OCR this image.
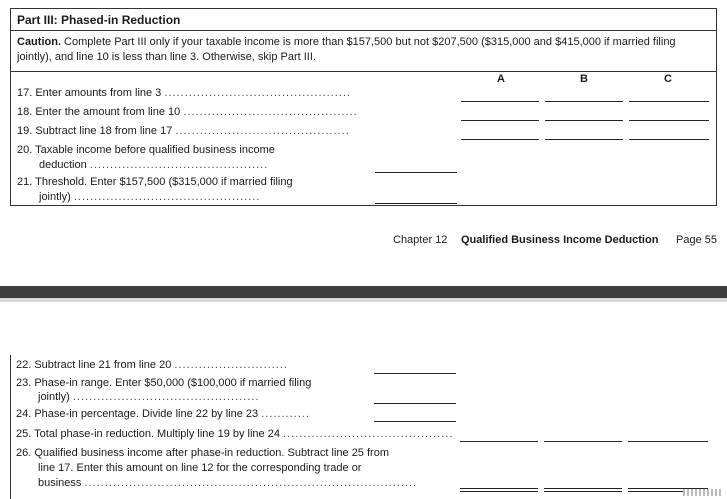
Part III: Phased-in Reduction
Caution. Complete Part III only if your taxable income is more than $157,500 but not $207,500 ($315,000 and $415,000 if married filing jointly), and line 10 is less than line 3. Otherwise, skip Part III.
A	B	C
17. Enter amounts from line 3 ..............................................
18. Enter the amount from line 10 ...........................................
19. Subtract line 18 from line 17 ...........................................
20. Taxable income before qualified business income
deduction ............................................
21. Threshold. Enter $157,500 ($315,000 if married filing
jointly) ..............................................
Chapter 12 Qualified Business Income Deduction Page 55
22. Subtract line 21 from line 20 ............................
23. Phase-in range. Enter $50,000 ($100,000 if married filing
jointly) ..............................................
24. Phase-in percentage. Divide line 22 by line 23 ............
25. Total phase-in reduction. Multiply line 19 by line 24 ..........................................
26. Qualified business income after phase-in reduction. Subtract line 25 from
line 17. Enter this amount on line 12 for the corresponding trade or
business ..................................................................................
